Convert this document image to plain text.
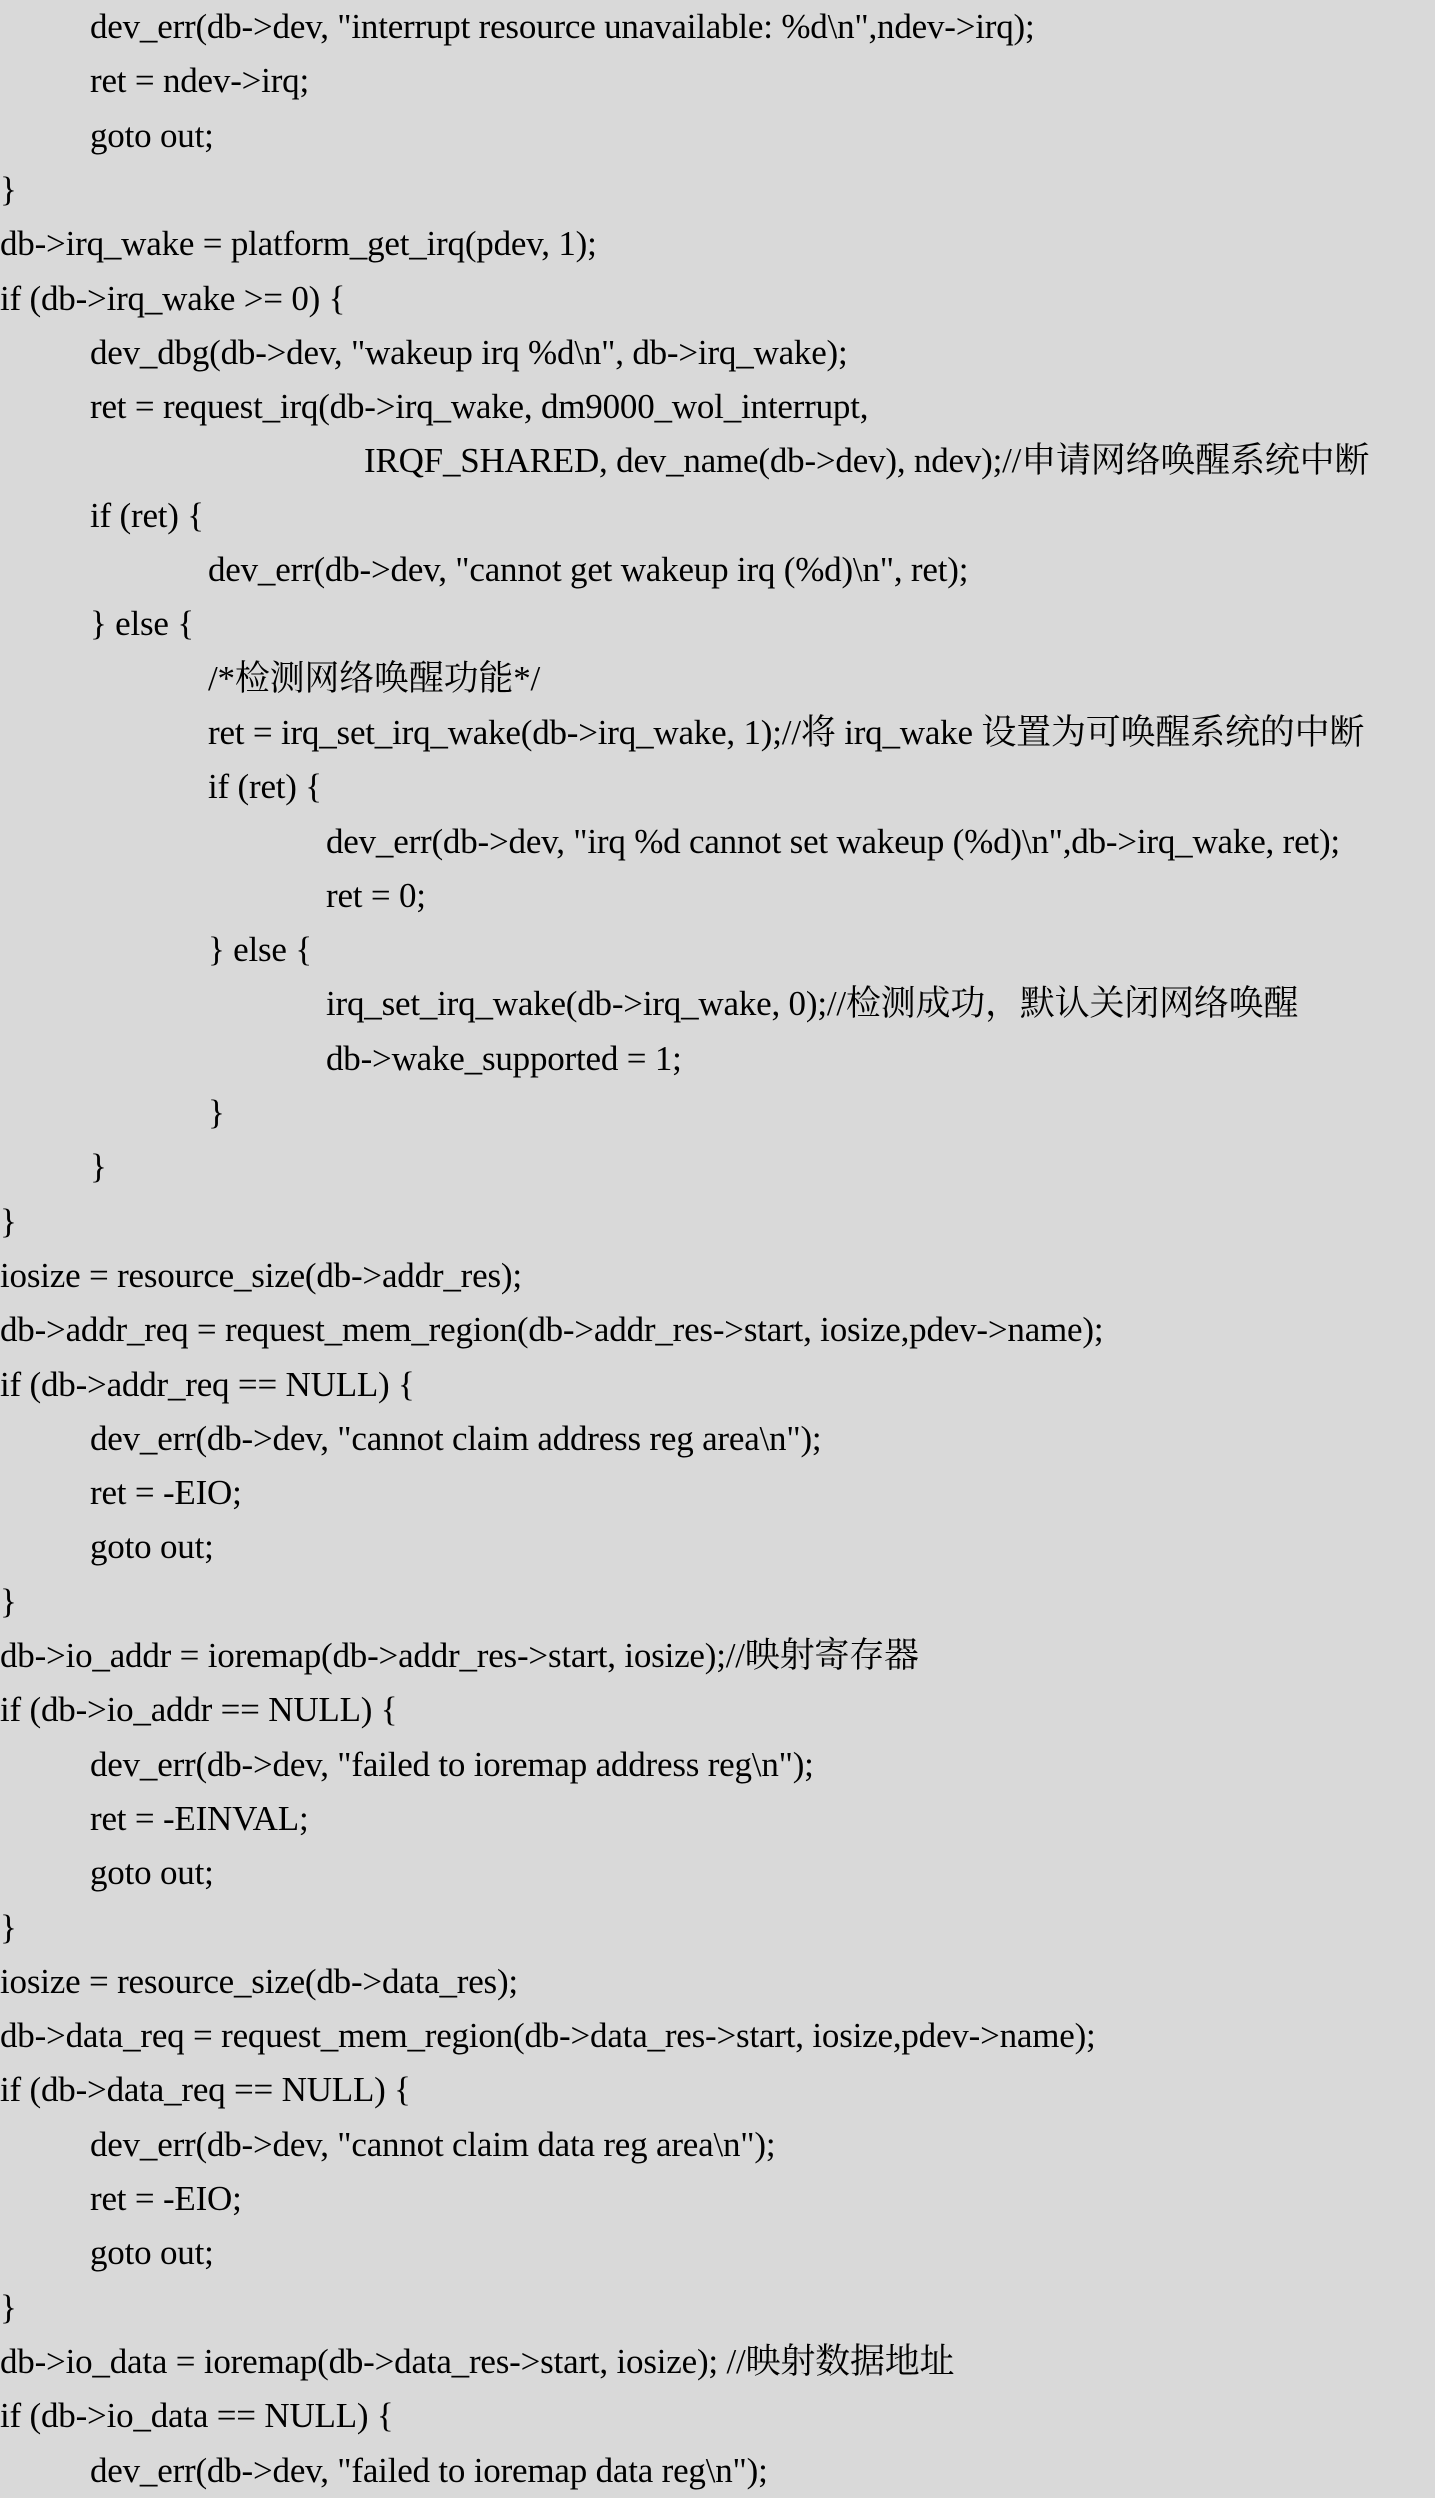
dev_err(db->dev, "interrupt resource unavailable: %d\n",ndev->irq);
ret = ndev->irq;
goto out;
}
db->irq_wake = platform_get_irq(pdev, 1);
if (db->irq_wake >= 0) {
dev_dbg(db->dev, "wakeup irq %d\n", db->irq_wake);
ret = request_irq(db->irq_wake, dm9000_wol_interrupt,
IRQF_SHARED, dev_name(db->dev), ndev);//申请网络唤醒系统中断
if (ret) {
dev_err(db->dev, "cannot get wakeup irq (%d)\n", ret);
} else {
/*检测网络唤醒功能*/
ret = irq_set_irq_wake(db->irq_wake, 1);//将 irq_wake 设置为可唤醒系统的中断
if (ret) {
dev_err(db->dev, "irq %d cannot set wakeup (%d)\n",db->irq_wake, ret);
ret = 0;
} else {
irq_set_irq_wake(db->irq_wake, 0);//检测成功，默认关闭网络唤醒
db->wake_supported = 1;
}
}
}
iosize = resource_size(db->addr_res);
db->addr_req = request_mem_region(db->addr_res->start, iosize,pdev->name);
if (db->addr_req == NULL) {
dev_err(db->dev, "cannot claim address reg area\n");
ret = -EIO;
goto out;
}
db->io_addr = ioremap(db->addr_res->start, iosize);//映射寄存器
if (db->io_addr == NULL) {
dev_err(db->dev, "failed to ioremap address reg\n");
ret = -EINVAL;
goto out;
}
iosize = resource_size(db->data_res);
db->data_req = request_mem_region(db->data_res->start, iosize,pdev->name);
if (db->data_req == NULL) {
dev_err(db->dev, "cannot claim data reg area\n");
ret = -EIO;
goto out;
}
db->io_data = ioremap(db->data_res->start, iosize); //映射数据地址
if (db->io_data == NULL) {
dev_err(db->dev, "failed to ioremap data reg\n");
